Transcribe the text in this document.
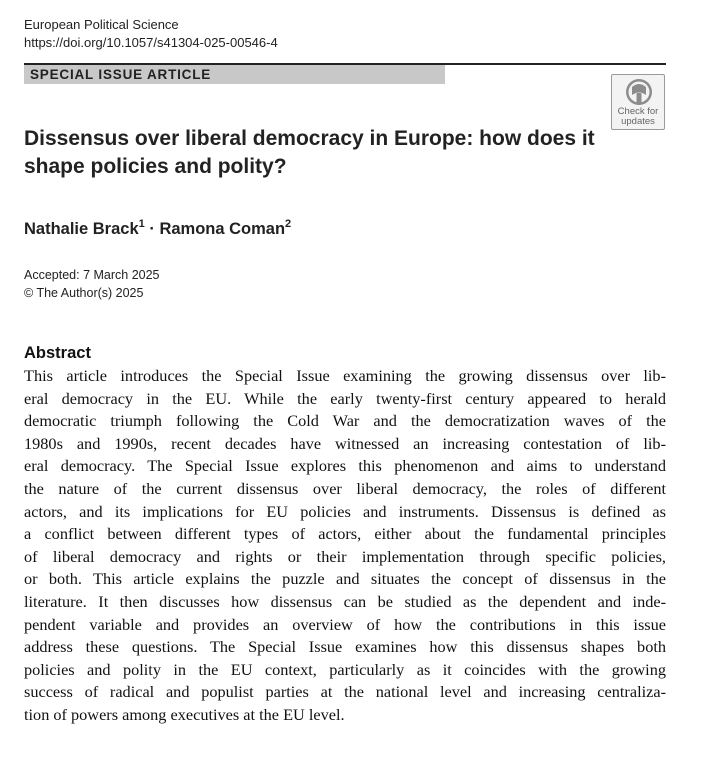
European Political Science
https://doi.org/10.1057/s41304-025-00546-4
SPECIAL ISSUE ARTICLE
Check for
updates
Dissensus over liberal democracy in Europe: how does it
shape policies and polity?
Nathalie Brack$^1$ · Ramona Coman$^2$
Accepted: 7 March 2025
© The Author(s) 2025
Abstract
This article introduces the Special Issue examining the growing dissensus over lib-
eral democracy in the EU. While the early twenty-first century appeared to herald
democratic triumph following the Cold War and the democratization waves of the
1980s and 1990s, recent decades have witnessed an increasing contestation of lib-
eral democracy. The Special Issue explores this phenomenon and aims to understand
the nature of the current dissensus over liberal democracy, the roles of different
actors, and its implications for EU policies and instruments. Dissensus is defined as
a conflict between different types of actors, either about the fundamental principles
of liberal democracy and rights or their implementation through specific policies,
or both. This article explains the puzzle and situates the concept of dissensus in the
literature. It then discusses how dissensus can be studied as the dependent and inde-
pendent variable and provides an overview of how the contributions in this issue
address these questions. The Special Issue examines how this dissensus shapes both
policies and polity in the EU context, particularly as it coincides with the growing
success of radical and populist parties at the national level and increasing centraliza-
tion of powers among executives at the EU level.
